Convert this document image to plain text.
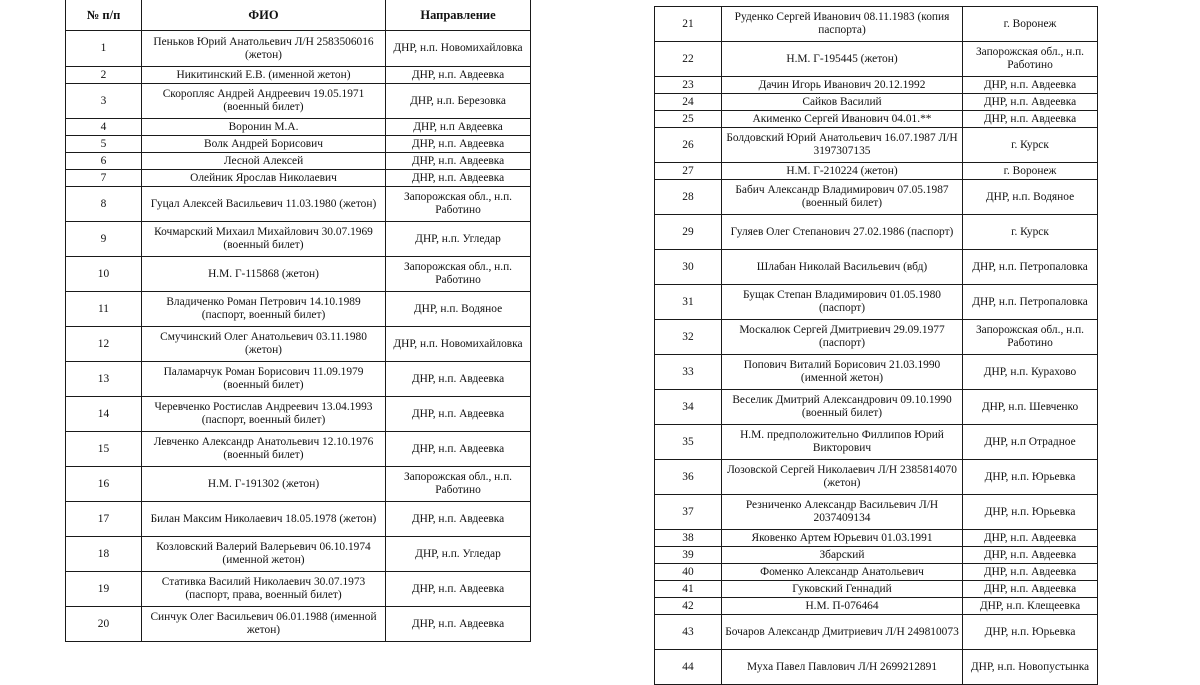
№ п/п	ФИО	Направление
1	Пеньков Юрий Анатольевич Л/Н 2583506016 (жетон)	ДНР, н.п. Новомихайловка
2	Никитинский Е.В. (именной жетон)	ДНР, н.п. Авдеевка
3	Скоропляс Андрей Андреевич 19.05.1971 (военный билет)	ДНР, н.п. Березовка
4	Воронин М.А.	ДНР, н.п Авдеевка
5	Волк Андрей Борисович	ДНР, н.п. Авдеевка
6	Лесной Алексей	ДНР, н.п. Авдеевка
7	Олейник Ярослав Николаевич	ДНР, н.п. Авдеевка
8	Гуцал Алексей Васильевич 11.03.1980 (жетон)	Запорожская обл., н.п. Работино
9	Кочмарский Михаил Михайлович 30.07.1969 (военный билет)	ДНР, н.п. Угледар
10	Н.М. Г-115868 (жетон)	Запорожская обл., н.п. Работино
11	Владиченко Роман Петрович 14.10.1989 (паспорт, военный билет)	ДНР, н.п. Водяное
12	Смучинский Олег Анатольевич 03.11.1980 (жетон)	ДНР, н.п. Новомихайловка
13	Паламарчук Роман Борисович 11.09.1979 (военный билет)	ДНР, н.п. Авдеевка
14	Черевченко Ростислав Андреевич 13.04.1993 (паспорт, военный билет)	ДНР, н.п. Авдеевка
15	Левченко Александр Анатольевич 12.10.1976 (военный билет)	ДНР, н.п. Авдеевка
16	Н.М. Г-191302 (жетон)	Запорожская обл., н.п. Работино
17	Билан Максим Николаевич 18.05.1978 (жетон)	ДНР, н.п. Авдеевка
18	Козловский Валерий Валерьевич 06.10.1974 (именной жетон)	ДНР, н.п. Угледар
19	Стативка Василий Николаевич 30.07.1973 (паспорт, права, военный билет)	ДНР, н.п. Авдеевка
20	Синчук Олег Васильевич 06.01.1988 (именной жетон)	ДНР, н.п. Авдеевка
21	Руденко Сергей Иванович 08.11.1983 (копия паспорта)	г. Воронеж
22	Н.М. Г-195445 (жетон)	Запорожская обл., н.п. Работино
23	Дачин Игорь Иванович 20.12.1992	ДНР, н.п. Авдеевка
24	Сайков Василий	ДНР, н.п. Авдеевка
25	Акименко Сергей Иванович 04.01.**	ДНР, н.п. Авдеевка
26	Болдовский Юрий Анатольевич 16.07.1987 Л/Н 3197307135	г. Курск
27	Н.М. Г-210224 (жетон)	г. Воронеж
28	Бабич Александр Владимирович 07.05.1987 (военный билет)	ДНР, н.п. Водяное
29	Гуляев Олег Степанович 27.02.1986 (паспорт)	г. Курск
30	Шлабан Николай Васильевич (вбд)	ДНР, н.п. Петропаловка
31	Бущак Степан Владимирович 01.05.1980 (паспорт)	ДНР, н.п. Петропаловка
32	Москалюк Сергей Дмитриевич 29.09.1977 (паспорт)	Запорожская обл., н.п. Работино
33	Попович Виталий Борисович 21.03.1990 (именной жетон)	ДНР, н.п. Курахово
34	Веселик Дмитрий Александрович 09.10.1990 (военный билет)	ДНР, н.п. Шевченко
35	Н.М. предположительно Филлипов Юрий Викторович	ДНР, н.п Отрадное
36	Лозовской Сергей Николаевич Л/Н 2385814070 (жетон)	ДНР, н.п. Юрьевка
37	Резниченко Александр Васильевич Л/Н 2037409134	ДНР, н.п. Юрьевка
38	Яковенко Артем Юрьевич 01.03.1991	ДНР, н.п. Авдеевка
39	Збарский	ДНР, н.п. Авдеевка
40	Фоменко Александр Анатольевич	ДНР, н.п. Авдеевка
41	Гуковский Геннадий	ДНР, н.п. Авдеевка
42	Н.М. П-076464	ДНР, н.п. Клещеевка
43	Бочаров Александр Дмитриевич Л/Н 249810073	ДНР, н.п. Юрьевка
44	Муха Павел Павлович Л/Н 2699212891	ДНР, н.п. Новопустынка
